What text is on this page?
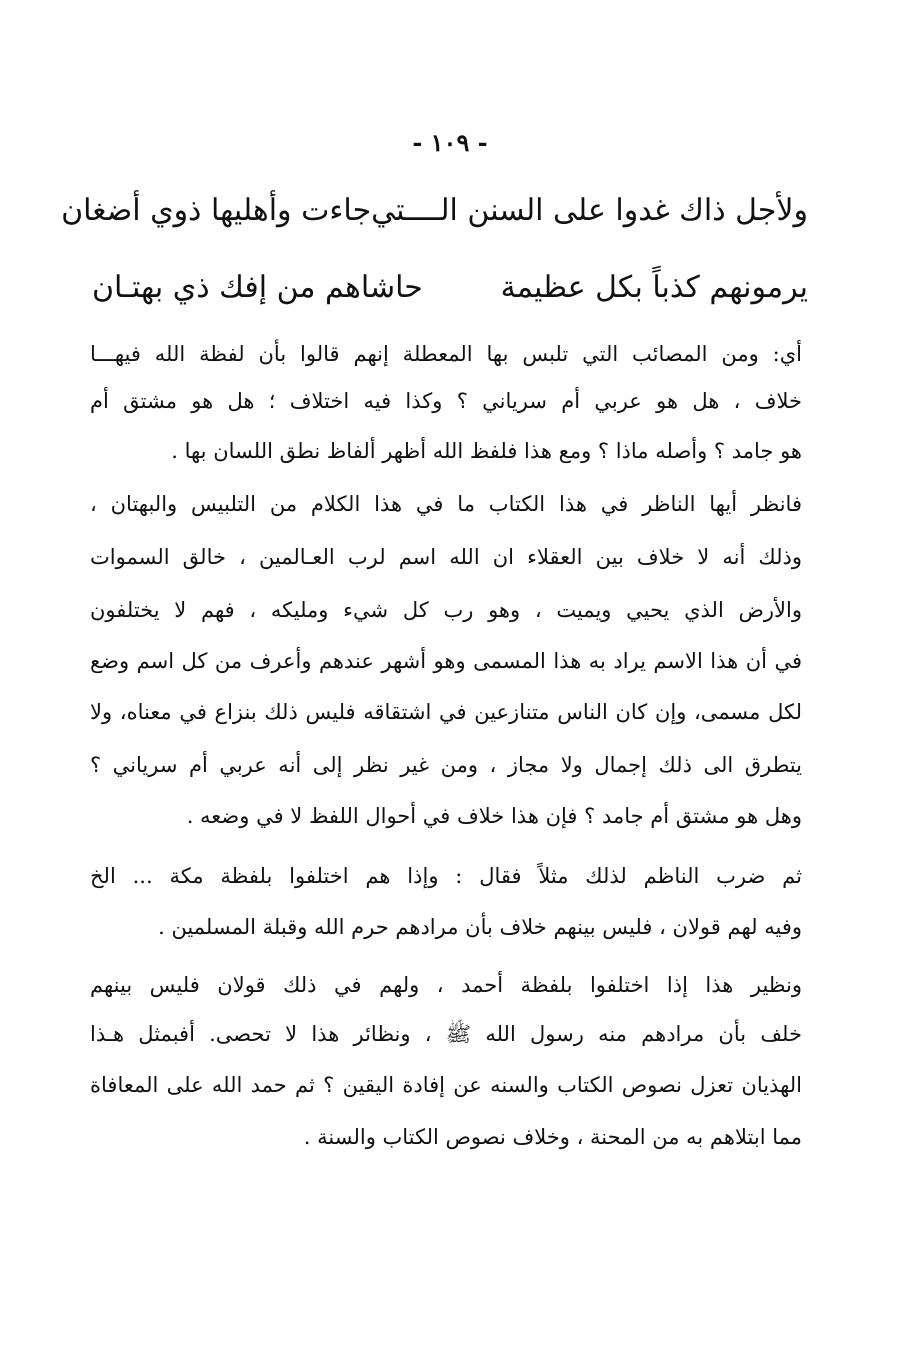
- ١٠٩ -
ولأجل ذاك غدوا على السنن الــــتي
جاءت وأهليها ذوي أضغان
يرمونهم كذباً بكل عظيمة
حاشاهم من إفك ذي بهتـان
أي: ومن المصائب التي تلبس بها المعطلة إنهم قالوا بأن لفظة الله فيهـــا
خلاف ، هل هو عربي أم سرياني ؟ وكذا فيه اختلاف ؛ هل هو مشتق أم
هو جامد ؟ وأصله ماذا ؟ ومع هذا فلفظ الله أظهر ألفاظ نطق اللسان بها .
فانظر أيها الناظر في هذا الكتاب ما في هذا الكلام من التلبيس والبهتان ،
وذلك أنه لا خلاف بين العقلاء ان الله اسم لرب العـالمين ، خالق السموات
والأرض الذي يحيي ويميت ، وهو رب كل شيء ومليكه ، فهم لا يختلفون
في أن هذا الاسم يراد به هذا المسمى وهو أشهر عندهم وأعرف من كل اسم وضع
لكل مسمى، وإن كان الناس متنازعين في اشتقاقه فليس ذلك بنزاع في معناه، ولا
يتطرق الى ذلك إجمال ولا مجاز ، ومن غير نظر إلى أنه عربي أم سرياني ؟
وهل هو مشتق أم جامد ؟ فإن هذا خلاف في أحوال اللفظ لا في وضعه .
ثم ضرب الناظم لذلك مثلاً فقال : وإذا هم اختلفوا بلفظة مكة ... الخ
وفيه لهم قولان ، فليس بينهم خلاف بأن مرادهم حرم الله وقبلة المسلمين .
ونظير هذا إذا اختلفوا بلفظة أحمد ، ولهم في ذلك قولان فليس بينهم
خلف بأن مرادهم منه رسول الله ﷺ ، ونظائر هذا لا تحصى. أفبمثل هـذا
الهذيان تعزل نصوص الكتاب والسنه عن إفادة اليقين ؟ ثم حمد الله على المعافاة
مما ابتلاهم به من المحنة ، وخلاف نصوص الكتاب والسنة .
